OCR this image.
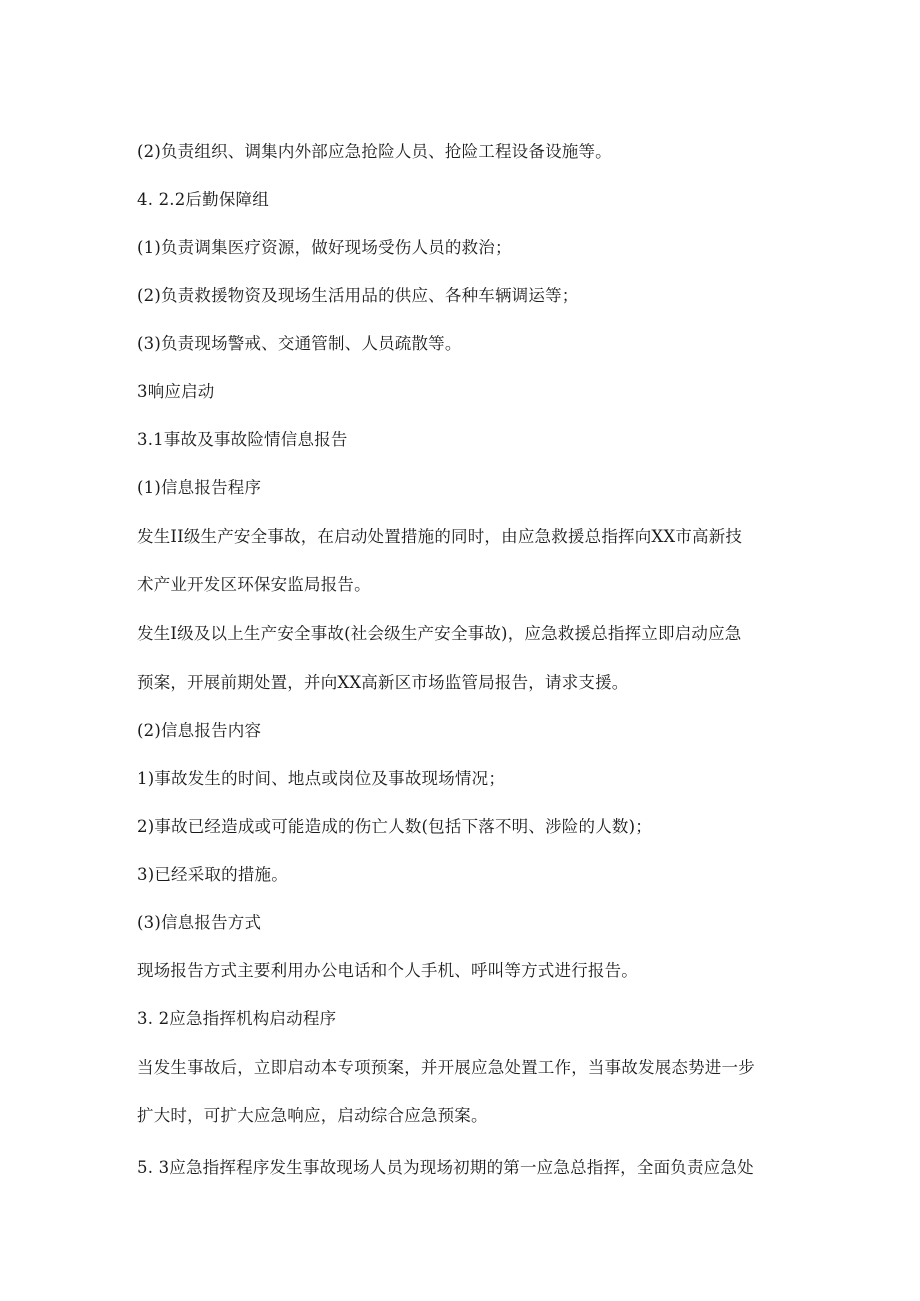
(2)负责组织、调集内外部应急抢险人员、抢险工程设备设施等。
4. 2.2后勤保障组
(1)负责调集医疗资源，做好现场受伤人员的救治；
(2)负责救援物资及现场生活用品的供应、各种车辆调运等；
(3)负责现场警戒、交通管制、人员疏散等。
3响应启动
3.1事故及事故险情信息报告
(1)信息报告程序
发生II级生产安全事故，在启动处置措施的同时，由应急救援总指挥向XX市高新技
术产业开发区环保安监局报告。
发生I级及以上生产安全事故(社会级生产安全事故)，应急救援总指挥立即启动应急
预案，开展前期处置，并向XX高新区市场监管局报告，请求支援。
(2)信息报告内容
1)事故发生的时间、地点或岗位及事故现场情况；
2)事故已经造成或可能造成的伤亡人数(包括下落不明、涉险的人数)；
3)已经采取的措施。
(3)信息报告方式
现场报告方式主要利用办公电话和个人手机、呼叫等方式进行报告。
3. 2应急指挥机构启动程序
当发生事故后，立即启动本专项预案，并开展应急处置工作，当事故发展态势进一步
扩大时，可扩大应急响应，启动综合应急预案。
5. 3应急指挥程序发生事故现场人员为现场初期的第一应急总指挥，全面负责应急处
